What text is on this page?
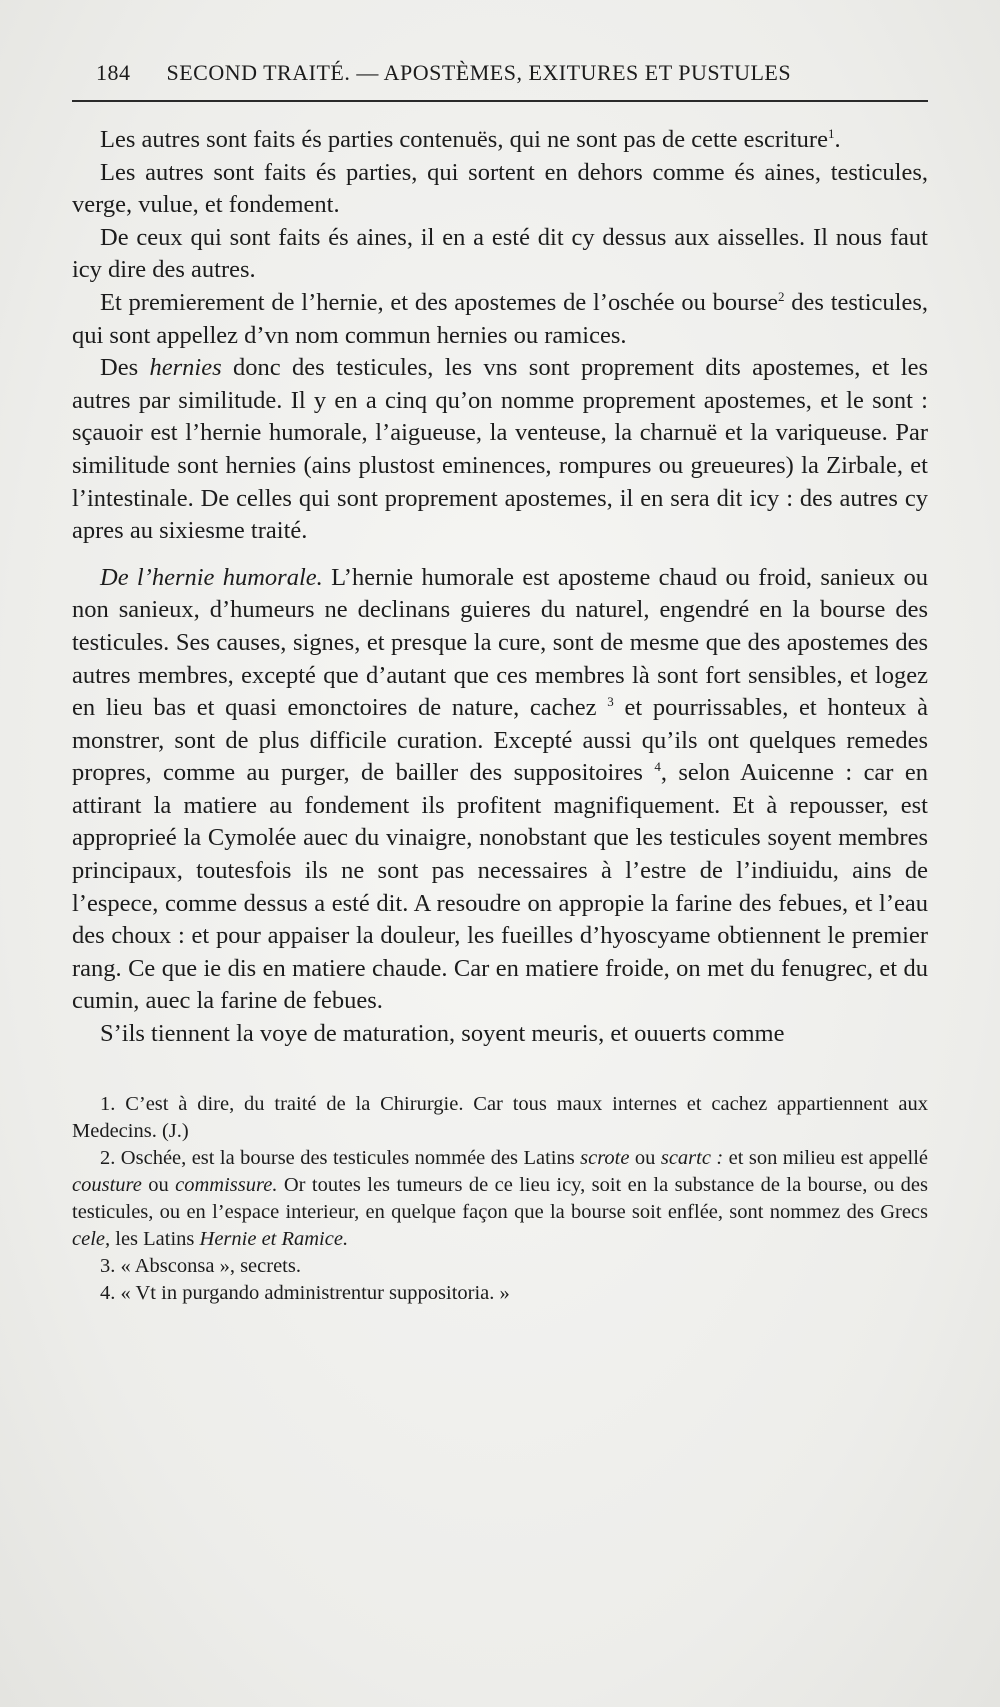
184 SECOND TRAITÉ. — APOSTÈMES, EXITURES ET PUSTULES

Les autres sont faits és parties contenuës, qui ne sont pas de cette escriture$^1$.

Les autres sont faits és parties, qui sortent en dehors comme és aines, testicules, verge, vulue, et fondement.

De ceux qui sont faits és aines, il en a esté dit cy dessus aux aisselles. Il nous faut icy dire des autres.

Et premierement de l’hernie, et des apostemes de l’oschée ou bourse$^2$ des testicules, qui sont appellez d’vn nom commun hernies ou ramices.

Des hernies donc des testicules, les vns sont proprement dits apostemes, et les autres par similitude. Il y en a cinq qu’on nomme proprement apostemes, et le sont : sçauoir est l’hernie humorale, l’aigueuse, la venteuse, la charnuë et la variqueuse. Par similitude sont hernies (ains plustost eminences, rompures ou greueures) la Zirbale, et l’intestinale. De celles qui sont proprement apostemes, il en sera dit icy : des autres cy apres au sixiesme traité.

De l’hernie humorale. L’hernie humorale est aposteme chaud ou froid, sanieux ou non sanieux, d’humeurs ne declinans guieres du naturel, engendré en la bourse des testicules. Ses causes, signes, et presque la cure, sont de mesme que des apostemes des autres membres, excepté que d’autant que ces membres là sont fort sensibles, et logez en lieu bas et quasi emonctoires de nature, cachez $^3$ et pourrissables, et honteux à monstrer, sont de plus difficile curation. Excepté aussi qu’ils ont quelques remedes propres, comme au purger, de bailler des suppositoires $^4$, selon Auicenne : car en attirant la matiere au fondement ils profitent magnifiquement. Et à repousser, est approprieé la Cymolée auec du vinaigre, nonobstant que les testicules soyent membres principaux, toutesfois ils ne sont pas necessaires à l’estre de l’indiuidu, ains de l’espece, comme dessus a esté dit. A resoudre on appropie la farine des febues, et l’eau des choux : et pour appaiser la douleur, les fueilles d’hyoscyame obtiennent le premier rang. Ce que ie dis en matiere chaude. Car en matiere froide, on met du fenugrec, et du cumin, auec la farine de febues.

S’ils tiennent la voye de maturation, soyent meuris, et ouuerts comme

1. C’est à dire, du traité de la Chirurgie. Car tous maux internes et cachez appartiennent aux Medecins. (J.)

2. Oschée, est la bourse des testicules nommée des Latins scrote ou scartc : et son milieu est appellé cousture ou commissure. Or toutes les tumeurs de ce lieu icy, soit en la substance de la bourse, ou des testicules, ou en l’espace interieur, en quelque façon que la bourse soit enflée, sont nommez des Grecs cele, les Latins Hernie et Ramice.

3. « Absconsa », secrets.

4. « Vt in purgando administrentur suppositoria. »
